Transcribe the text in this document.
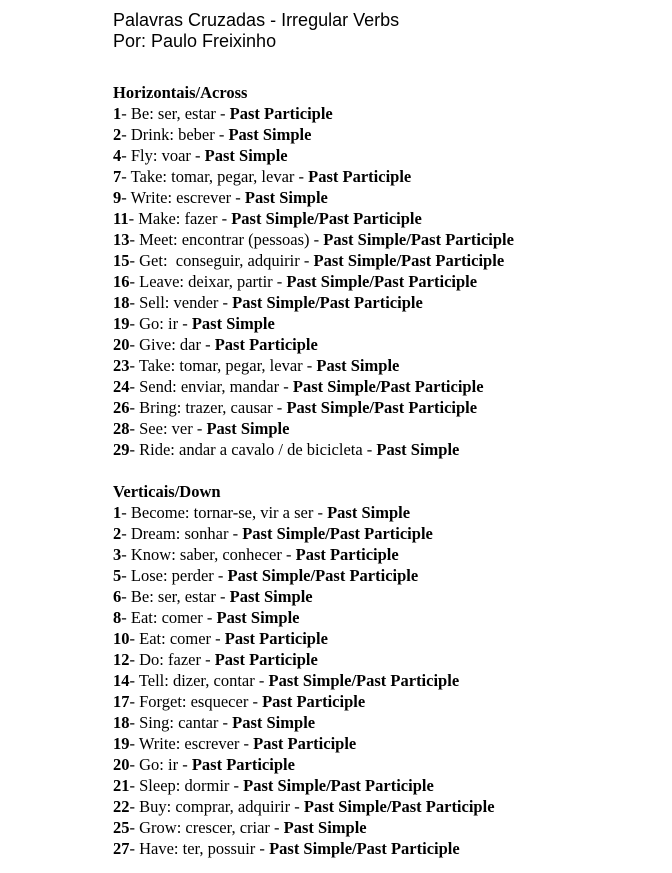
Palavras Cruzadas - Irregular Verbs
Por: Paulo Freixinho
Horizontais/Across
1- Be: ser, estar - Past Participle
2- Drink: beber - Past Simple
4- Fly: voar - Past Simple
7- Take: tomar, pegar, levar - Past Participle
9- Write: escrever - Past Simple
11- Make: fazer - Past Simple/Past Participle
13- Meet: encontrar (pessoas) - Past Simple/Past Participle
15- Get:  conseguir, adquirir - Past Simple/Past Participle
16- Leave: deixar, partir - Past Simple/Past Participle
18- Sell: vender - Past Simple/Past Participle
19- Go: ir - Past Simple
20- Give: dar - Past Participle
23- Take: tomar, pegar, levar - Past Simple
24- Send: enviar, mandar - Past Simple/Past Participle
26- Bring: trazer, causar - Past Simple/Past Participle
28- See: ver - Past Simple
29- Ride: andar a cavalo / de bicicleta - Past Simple
Verticais/Down
1- Become: tornar-se, vir a ser - Past Simple
2- Dream: sonhar - Past Simple/Past Participle
3- Know: saber, conhecer - Past Participle
5- Lose: perder - Past Simple/Past Participle
6- Be: ser, estar - Past Simple
8- Eat: comer - Past Simple
10- Eat: comer - Past Participle
12- Do: fazer - Past Participle
14- Tell: dizer, contar - Past Simple/Past Participle
17- Forget: esquecer - Past Participle
18- Sing: cantar - Past Simple
19- Write: escrever - Past Participle
20- Go: ir - Past Participle
21- Sleep: dormir - Past Simple/Past Participle
22- Buy: comprar, adquirir - Past Simple/Past Participle
25- Grow: crescer, criar - Past Simple
27- Have: ter, possuir - Past Simple/Past Participle
